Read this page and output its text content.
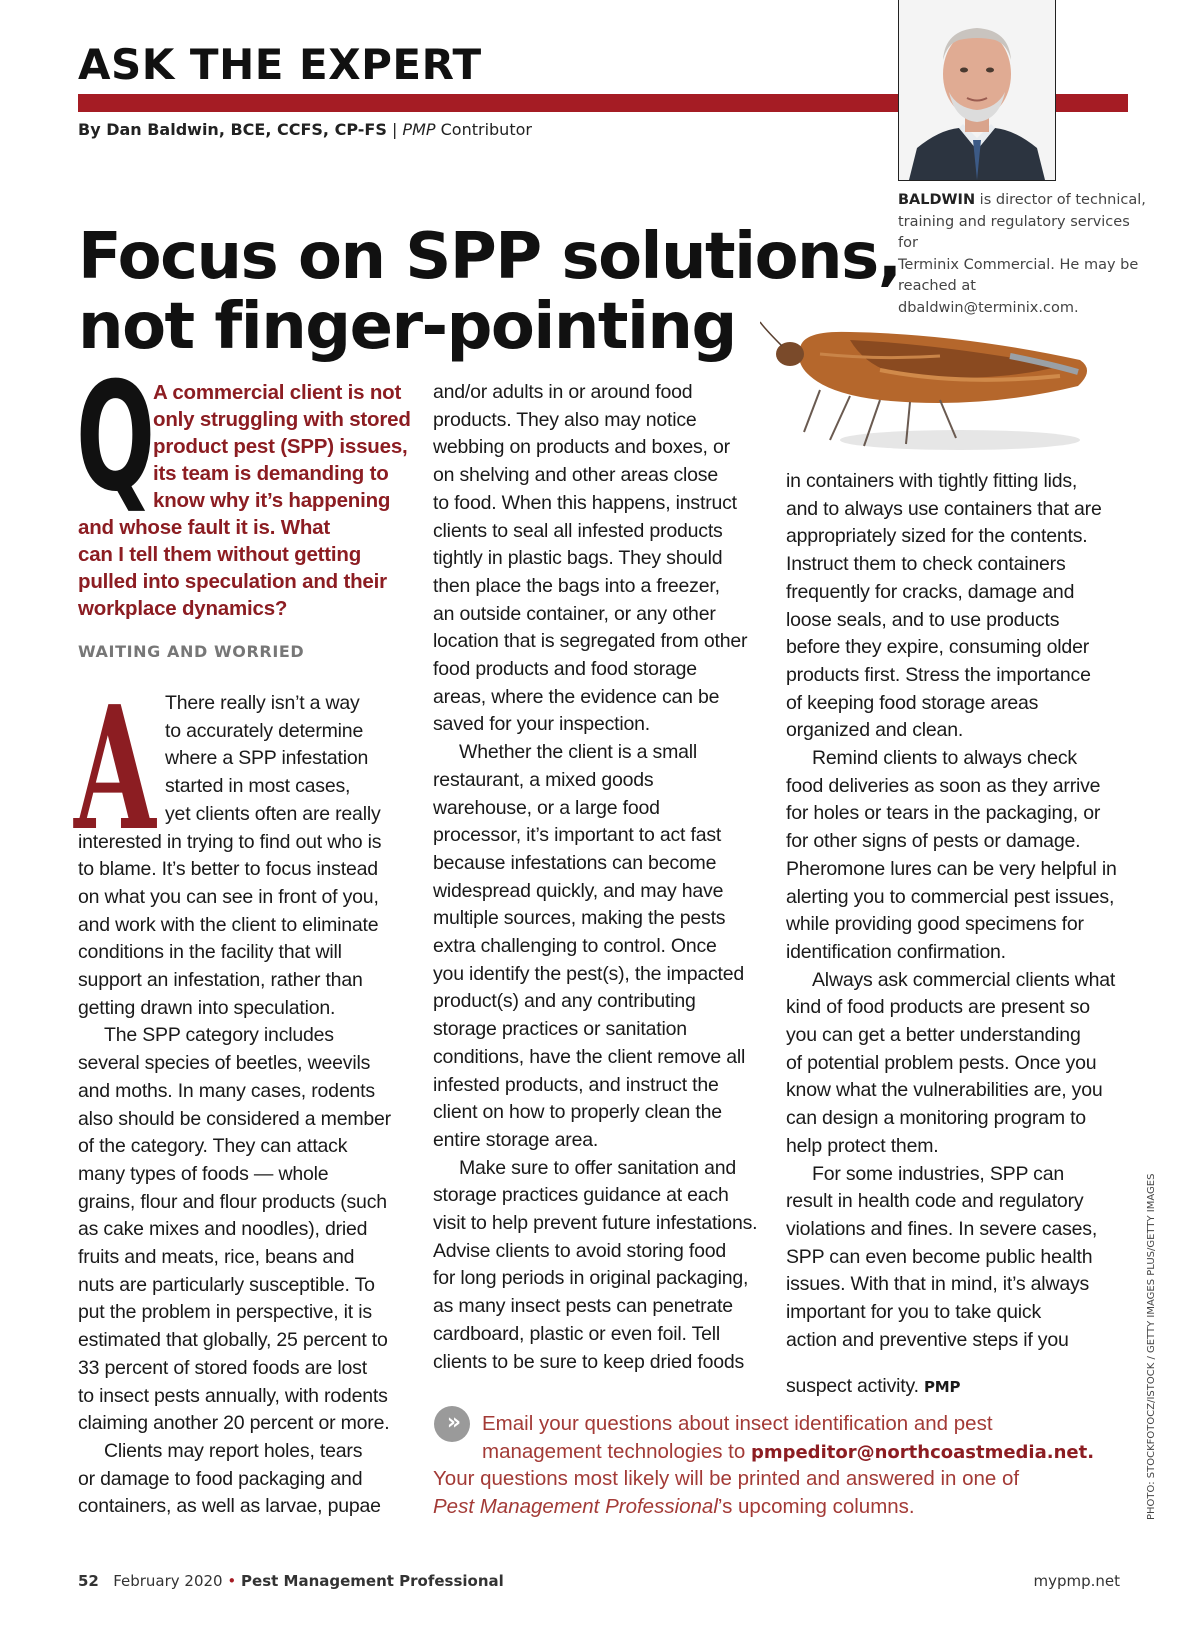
ASK THE EXPERT
By Dan Baldwin, BCE, CCFS, CP-FS | PMP Contributor
BALDWIN is director of technical,
training and regulatory services for
Terminix Commercial. He may be
reached at dbaldwin@terminix.com.
Focus on SPP solutions,
not finger-pointing
Q
A commercial client is not
only struggling with stored
product pest (SPP) issues,
its team is demanding to
know why it’s happening
and whose fault it is. What
can I tell them without getting
pulled into speculation and their
workplace dynamics?
WAITING AND WORRIED
A There really isn’t a way
to accurately determine
where a SPP infestation
started in most cases,
yet clients often are really
interested in trying to find out who is
to blame. It’s better to focus instead
on what you can see in front of you,
and work with the client to eliminate
conditions in the facility that will
support an infestation, rather than
getting drawn into speculation.
The SPP category includes
several species of beetles, weevils
and moths. In many cases, rodents
also should be considered a member
of the category. They can attack
many types of foods — whole
grains, flour and flour products (such
as cake mixes and noodles), dried
fruits and meats, rice, beans and
nuts are particularly susceptible. To
put the problem in perspective, it is
estimated that globally, 25 percent to
33 percent of stored foods are lost
to insect pests annually, with rodents
claiming another 20 percent or more.
Clients may report holes, tears
or damage to food packaging and
containers, as well as larvae, pupae
and/or adults in or around food
products. They also may notice
webbing on products and boxes, or
on shelving and other areas close
to food. When this happens, instruct
clients to seal all infested products
tightly in plastic bags. They should
then place the bags into a freezer,
an outside container, or any other
location that is segregated from other
food products and food storage
areas, where the evidence can be
saved for your inspection.
Whether the client is a small
restaurant, a mixed goods
warehouse, or a large food
processor, it’s important to act fast
because infestations can become
widespread quickly, and may have
multiple sources, making the pests
extra challenging to control. Once
you identify the pest(s), the impacted
product(s) and any contributing
storage practices or sanitation
conditions, have the client remove all
infested products, and instruct the
client on how to properly clean the
entire storage area.
Make sure to offer sanitation and
storage practices guidance at each
visit to help prevent future infestations.
Advise clients to avoid storing food
for long periods in original packaging,
as many insect pests can penetrate
cardboard, plastic or even foil. Tell
clients to be sure to keep dried foods
suspect activity. PMP
in containers with tightly fitting lids,
and to always use containers that are
appropriately sized for the contents.
Instruct them to check containers
frequently for cracks, damage and
loose seals, and to use products
before they expire, consuming older
products first. Stress the importance
of keeping food storage areas
organized and clean.
Remind clients to always check
food deliveries as soon as they arrive
for holes or tears in the packaging, or
for other signs of pests or damage.
Pheromone lures can be very helpful in
alerting you to commercial pest issues,
while providing good specimens for
identification confirmation.
Always ask commercial clients what
kind of food products are present so
you can get a better understanding
of potential problem pests. Once you
know what the vulnerabilities are, you
can design a monitoring program to
help protect them.
For some industries, SPP can
result in health code and regulatory
violations and fines. In severe cases,
SPP can even become public health
issues. With that in mind, it’s always
important for you to take quick
action and preventive steps if you
››	Email your questions about insect identification and pest
management technologies to pmpeditor@northcoastmedia.net.
Your questions most likely will be printed and answered in one of
Pest Management Professional’s upcoming columns.	PHOTO: STOCKFOTOCZ/ISTOCK / GETTY IMAGES PLUS/GETTY IMAGES
52 February 2020 • Pest Management Professional	mypmp.net
